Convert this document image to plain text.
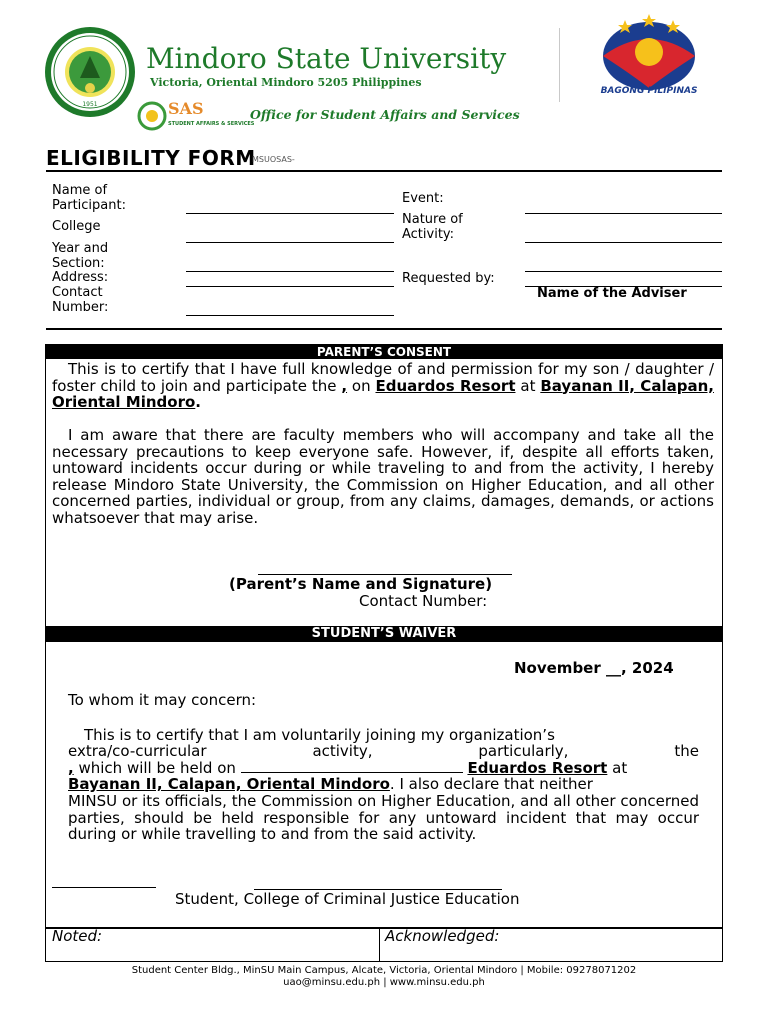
1951
Mindoro State University
Victoria, Oriental Mindoro 5205 Philippines
SAS
STUDENT AFFAIRS & SERVICES
Office for Student Affairs and Services
BAGONG PILIPINAS
ELIGIBILITY FORM
MSUOSAS-
Name of Participant:
College
Year and Section:
Address:
Contact Number:
Event:
Nature of Activity:
Requested by:
Name of the Adviser
PARENT’S CONSENT
This is to certify that I have full knowledge of and permission for my son / daughter / foster child to join and participate the , on Eduardos Resort at Bayanan II, Calapan, Oriental Mindoro.
I am aware that there are faculty members who will accompany and take all the necessary precautions to keep everyone safe. However, if, despite all efforts taken, untoward incidents occur during or while traveling to and from the activity, I hereby release Mindoro State University, the Commission on Higher Education, and all other concerned parties, individual or group, from any claims, damages, demands, or actions whatsoever that may arise.
(Parent’s Name and Signature)
Contact Number:
STUDENT’S WAIVER
November __, 2024
To whom it may concern:
This is to certify that I am voluntarily joining my organization’s
extra/co-curricular	activity,	particularly,	the
, which will be held on	Eduardos Resort at
Bayanan II, Calapan, Oriental Mindoro. I also declare that neither
MINSU or its officials, the Commission on Higher Education, and all other concerned parties, should be held responsible for any untoward incident that may occur during or while travelling to and from the said activity.
Student, College of Criminal Justice Education
Noted:	Acknowledged:
Student Center Bldg., MinSU Main Campus, Alcate, Victoria, Oriental Mindoro | Mobile: 09278071202
uao@minsu.edu.ph | www.minsu.edu.ph
